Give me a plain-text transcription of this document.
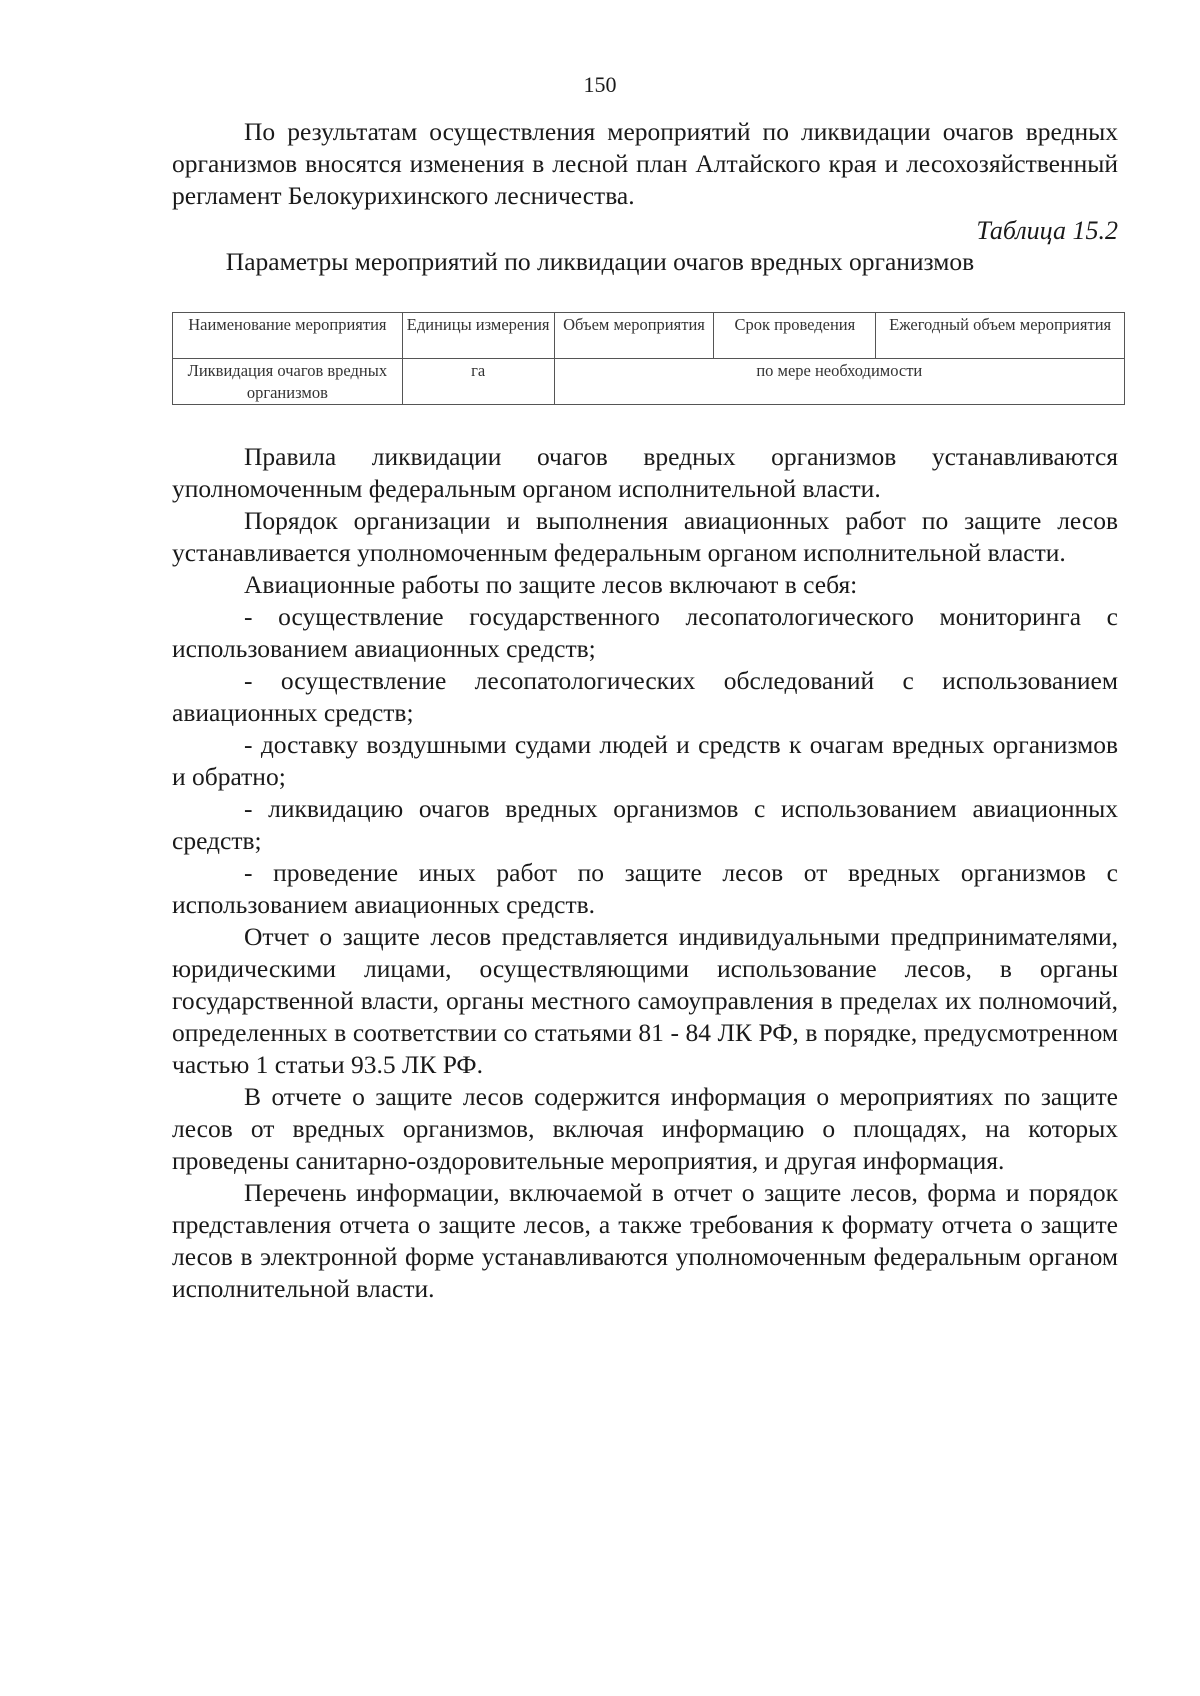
150

По результатам осуществления мероприятий по ликвидации очагов вредных организмов вносятся изменения в лесной план Алтайского края и лесохозяйственный регламент Белокурихинского лесничества.

Таблица 15.2
Параметры мероприятий по ликвидации очагов вредных организмов
Наименование мероприятия	Единицы измерения	Объем мероприятия	Срок проведения	Ежегодный объем мероприятия
Ликвидация очагов вредных организмов	га	по мере необходимости		

Правила ликвидации очагов вредных организмов устанавливаются уполномоченным федеральным органом исполнительной власти.

Порядок организации и выполнения авиационных работ по защите лесов устанавливается уполномоченным федеральным органом исполнительной власти.

Авиационные работы по защите лесов включают в себя:

- осуществление государственного лесопатологического мониторинга с использованием авиационных средств;

- осуществление лесопатологических обследований с использованием авиационных средств;

- доставку воздушными судами людей и средств к очагам вредных организмов и обратно;

- ликвидацию очагов вредных организмов с использованием авиационных средств;

- проведение иных работ по защите лесов от вредных организмов с использованием авиационных средств.

Отчет о защите лесов представляется индивидуальными предпринимателями, юридическими лицами, осуществляющими использование лесов, в органы государственной власти, органы местного самоуправления в пределах их полномочий, определенных в соответствии со статьями 81 - 84 ЛК РФ, в порядке, предусмотренном частью 1 статьи 93.5 ЛК РФ.

В отчете о защите лесов содержится информация о мероприятиях по защите лесов от вредных организмов, включая информацию о площадях, на которых проведены санитарно-оздоровительные мероприятия, и другая информация.

Перечень информации, включаемой в отчет о защите лесов, форма и порядок представления отчета о защите лесов, а также требования к формату отчета о защите лесов в электронной форме устанавливаются уполномоченным федеральным органом исполнительной власти.
